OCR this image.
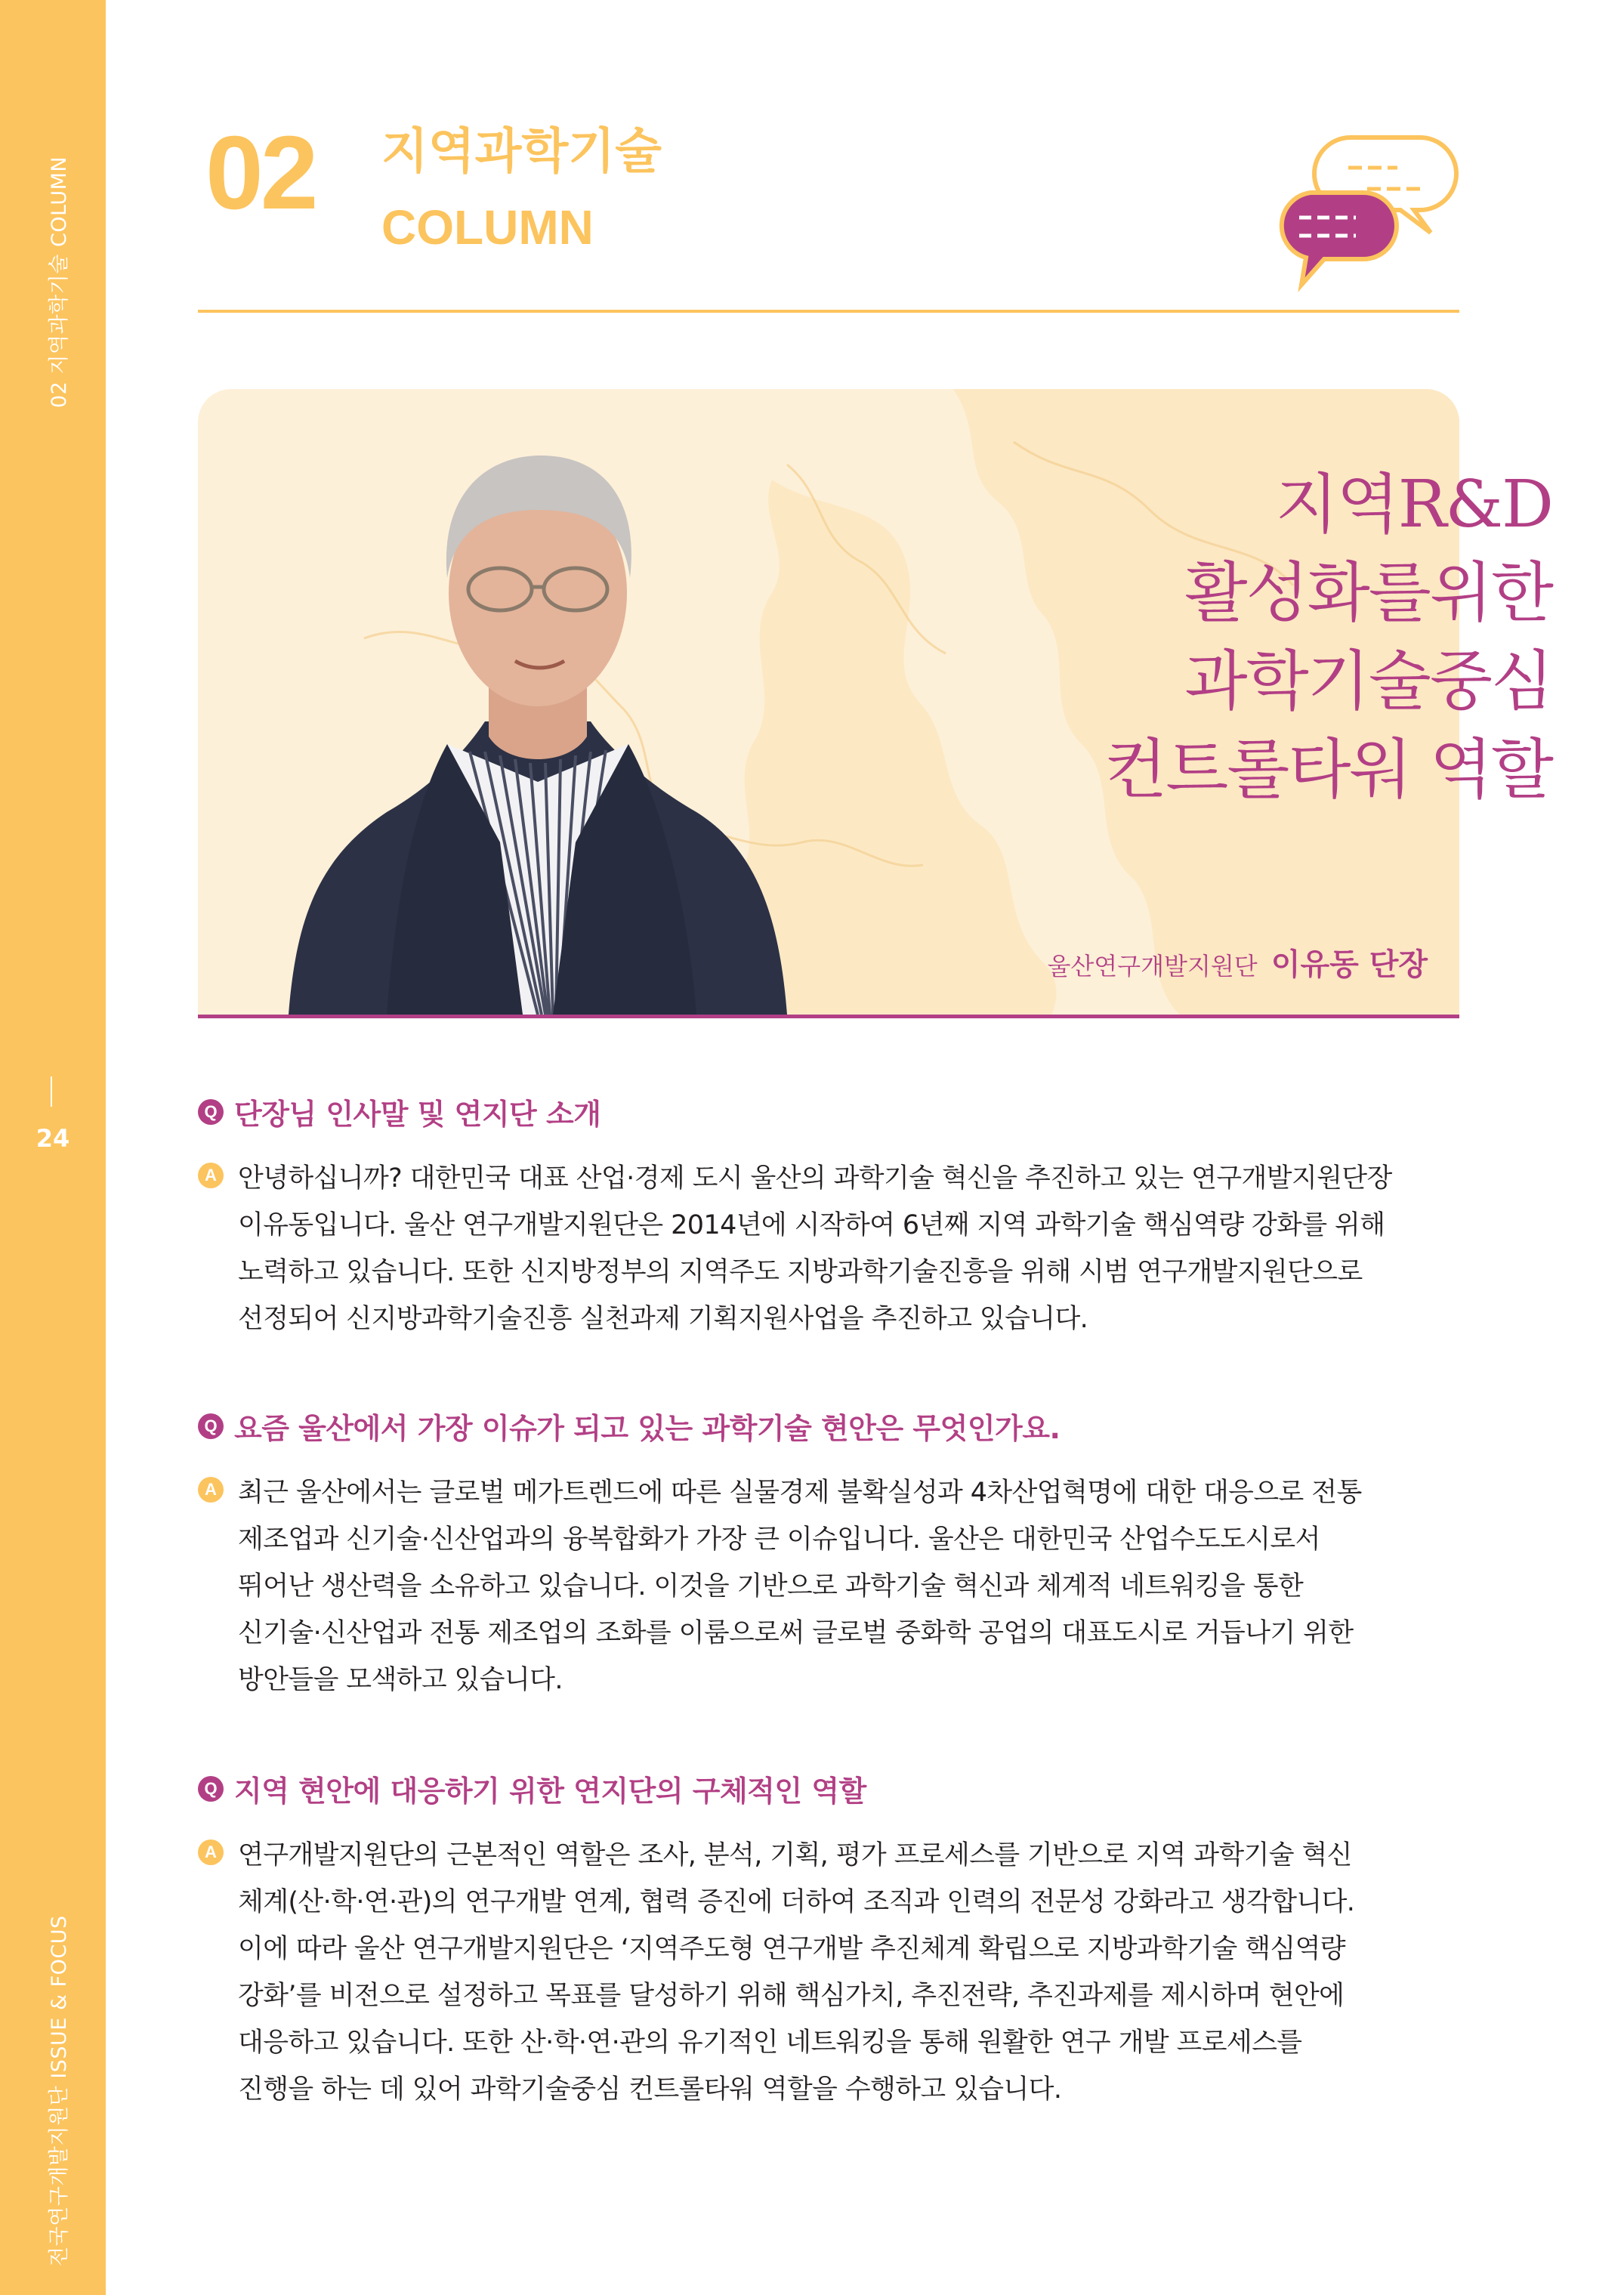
02 지역과학기술 COLUMN
24
전국연구개발지원단 ISSUE & FOCUS
02 지역과학기술
COLUMN
지역R&D
활성화를위한
과학기술중심
컨트롤타워 역할
울산연구개발지원단 이유동 단장
Q 단장님 인사말 및 연지단 소개
A 안녕하십니까? 대한민국 대표 산업·경제 도시 울산의 과학기술 혁신을 추진하고 있는 연구개발지원단장
이유동입니다. 울산 연구개발지원단은 2014년에 시작하여 6년째 지역 과학기술 핵심역량 강화를 위해
노력하고 있습니다. 또한 신지방정부의 지역주도 지방과학기술진흥을 위해 시범 연구개발지원단으로
선정되어 신지방과학기술진흥 실천과제 기획지원사업을 추진하고 있습니다.
Q 요즘 울산에서 가장 이슈가 되고 있는 과학기술 현안은 무엇인가요.
A 최근 울산에서는 글로벌 메가트렌드에 따른 실물경제 불확실성과 4차산업혁명에 대한 대응으로 전통
제조업과 신기술·신산업과의 융복합화가 가장 큰 이슈입니다. 울산은 대한민국 산업수도도시로서
뛰어난 생산력을 소유하고 있습니다. 이것을 기반으로 과학기술 혁신과 체계적 네트워킹을 통한
신기술·신산업과 전통 제조업의 조화를 이룸으로써 글로벌 중화학 공업의 대표도시로 거듭나기 위한
방안들을 모색하고 있습니다.
Q 지역 현안에 대응하기 위한 연지단의 구체적인 역할
A 연구개발지원단의 근본적인 역할은 조사, 분석, 기획, 평가 프로세스를 기반으로 지역 과학기술 혁신
체계(산·학·연·관)의 연구개발 연계, 협력 증진에 더하여 조직과 인력의 전문성 강화라고 생각합니다.
이에 따라 울산 연구개발지원단은 ‘지역주도형 연구개발 추진체계 확립으로 지방과학기술 핵심역량
강화’를 비전으로 설정하고 목표를 달성하기 위해 핵심가치, 추진전략, 추진과제를 제시하며 현안에
대응하고 있습니다. 또한 산·학·연·관의 유기적인 네트워킹을 통해 원활한 연구 개발 프로세스를
진행을 하는 데 있어 과학기술중심 컨트롤타워 역할을 수행하고 있습니다.
